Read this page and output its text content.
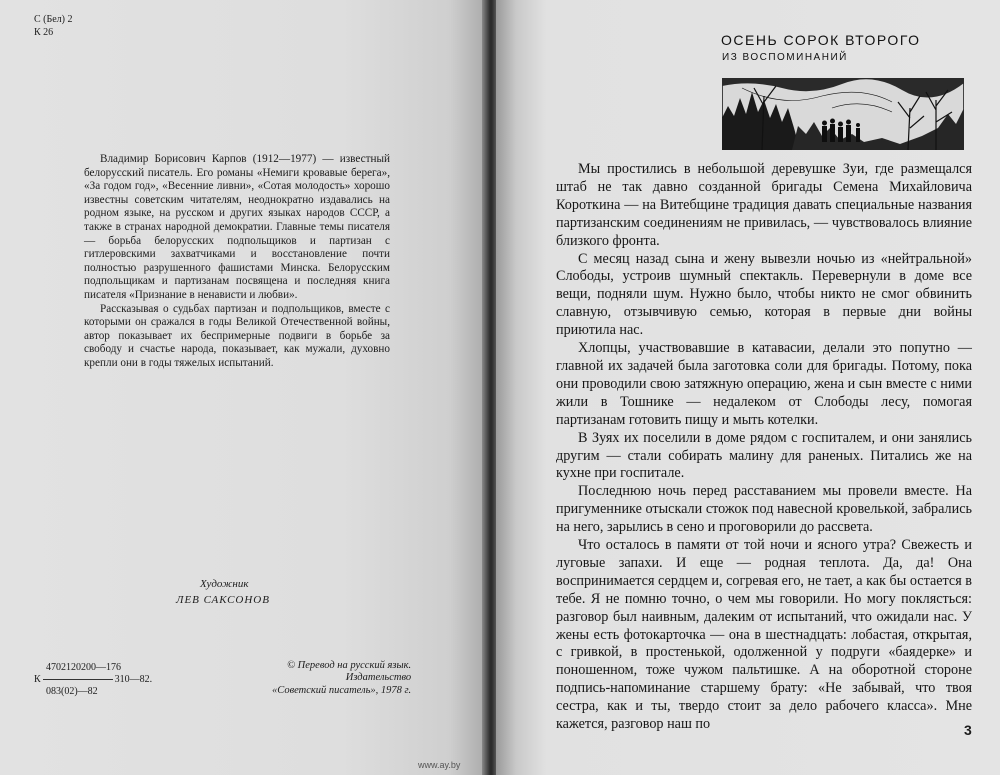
С (Бел) 2
К 26

Владимир Борисович Карпов (1912—1977) — известный белорусский писатель. Его романы «Немиги кровавые берега», «За годом год», «Весенние ливни», «Сотая молодость» хорошо известны советским читателям, неоднократно издавались на родном языке, на русском и других языках народов СССР, а также в странах народной демократии. Главные темы писателя — борьба белорусских подпольщиков и партизан с гитлеровскими захватчиками и восстановление почти полностью разрушенного фашистами Минска. Белорусским подпольщикам и партизанам посвящена и последняя книга писателя «Признание в ненависти и любви».

Рассказывая о судьбах партизан и подпольщиков, вместе с которыми он сражался в годы Великой Отечественной войны, автор показывает их беспримерные подвиги в борьбе за свободу и счастье народа, показывает, как мужали, духовно крепли они в годы тяжелых испытаний.

Художник
ЛЕВ САКСОНОВ
4702120200—176
К	310—82.
083(02)—82
© Перевод на русский язык.
Издательство
«Советский писатель», 1978 г.
ОСЕНЬ СОРОК ВТОРОГО
ИЗ ВОСПОМИНАНИЙ

Мы простились в небольшой деревушке Зуи, где размещался штаб не так давно созданной бригады Семена Михайловича Короткина — на Витебщине традиция давать специальные названия партизанским соединениям не привилась, — чувствовалось влияние близкого фронта.

С месяц назад сына и жену вывезли ночью из «нейтральной» Слободы, устроив шумный спектакль. Перевернули в доме все вещи, подняли шум. Нужно было, чтобы никто не смог обвинить славную, отзывчивую семью, которая в первые дни войны приютила нас.

Хлопцы, участвовавшие в катавасии, делали это попутно — главной их задачей была заготовка соли для бригады. Потому, пока они проводили свою затяжную операцию, жена и сын вместе с ними жили в Тошнике — недалеком от Слободы лесу, помогая партизанам готовить пищу и мыть котелки.

В Зуях их поселили в доме рядом с госпиталем, и они занялись другим — стали собирать малину для раненых. Питались же на кухне при госпитале.

Последнюю ночь перед расставанием мы провели вместе. На пригуменнике отыскали стожок под навесной кровелькой, забрались на него, зарылись в сено и проговорили до рассвета.

Что осталось в памяти от той ночи и ясного утра? Свежесть и луговые запахи. И еще — родная теплота. Да, да! Она воспринимается сердцем и, согревая его, не тает, а как бы остается в тебе. Я не помню точно, о чем мы говорили. Но могу поклясться: разговор был наивным, далеким от испытаний, что ожидали нас. У жены есть фотокарточка — она в шестнадцать: лобастая, открытая, с гривкой, в простенькой, одолженной у подруги «баядерке» и поношенном, тоже чужом пальтишке. А на оборотной стороне подпись-напоминание старшему брату: «Не забывай, что твоя сестра, как и ты, твердо стоит за дело рабочего класса». Мне кажется, разговор наш по	3
www.ay.by
